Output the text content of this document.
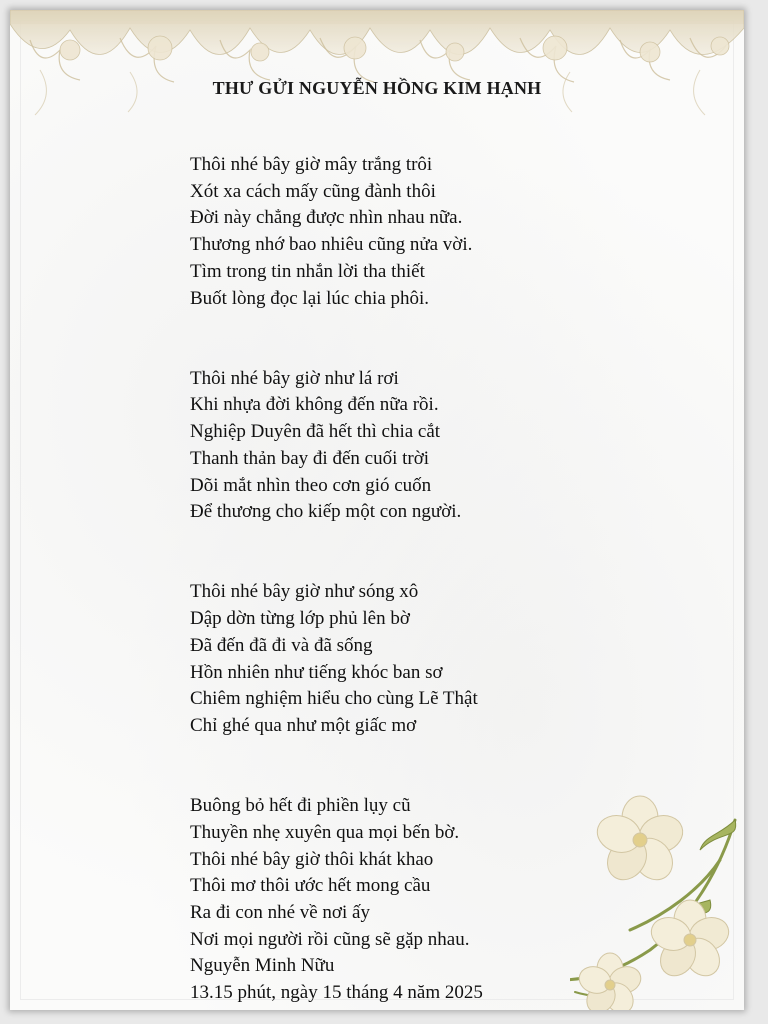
THƯ GỬI NGUYỄN HỒNG KIM HẠNH
Thôi nhé bây giờ mây trắng trôi
Xót xa cách mấy cũng đành thôi
Đời này chẳng được nhìn nhau nữa.
Thương nhớ bao nhiêu cũng nửa vời.
Tìm trong tin nhắn lời tha thiết
Buốt lòng đọc lại lúc chia phôi.
Thôi nhé bây giờ như lá rơi
Khi nhựa đời không đến nữa rồi.
Nghiệp Duyên đã hết thì chia cắt
Thanh thản bay đi đến cuối trời
Dõi mắt nhìn theo cơn gió cuốn
Để thương cho kiếp một con người.
Thôi nhé bây giờ như sóng xô
Dập dờn từng lớp phủ lên bờ
Đã đến đã đi và đã sống
Hồn nhiên như tiếng khóc ban sơ
Chiêm nghiệm hiểu cho cùng Lẽ Thật
Chỉ ghé qua như một giấc mơ
Buông bỏ hết đi phiền lụy cũ
Thuyền nhẹ xuyên qua mọi bến bờ.
Thôi nhé bây giờ thôi khát khao
Thôi mơ thôi ước hết mong cầu
Ra đi con nhé về nơi ấy
Nơi mọi người rồi cũng sẽ gặp nhau.
Nguyễn Minh Nữu
13.15 phút, ngày 15 tháng 4 năm 2025
